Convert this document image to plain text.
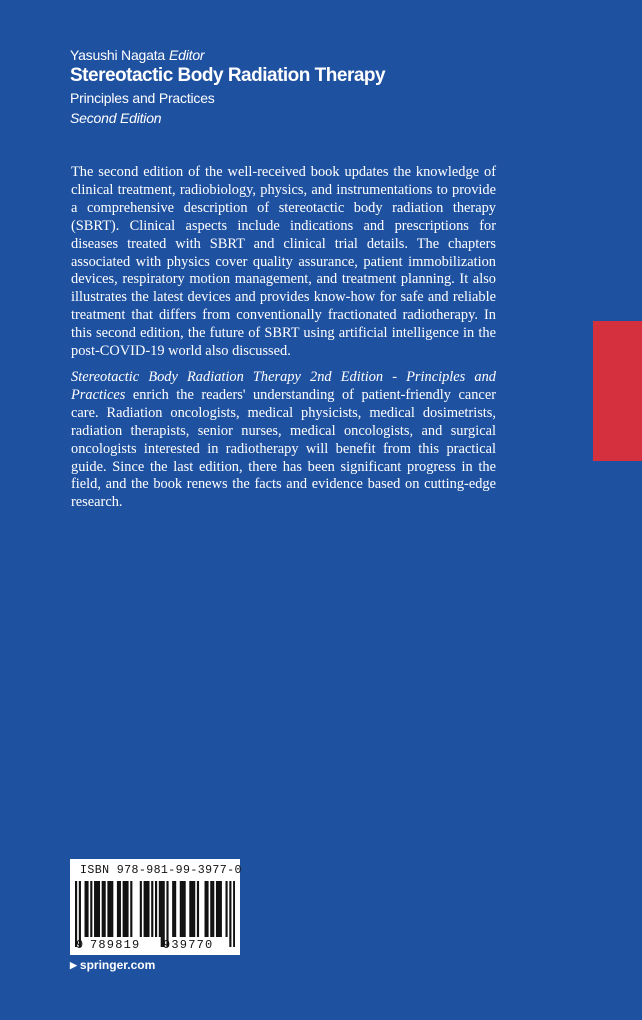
Yasushi Nagata Editor
Stereotactic Body Radiation Therapy
Principles and Practices
Second Edition

The second edition of the well-received book updates the knowledge of clinical treatment, radiobiology, physics, and instrumentations to provide a comprehensive description of stereotactic body radiation therapy (SBRT). Clinical aspects include indications and prescriptions for diseases treated with SBRT and clinical trial details. The chapters associated with physics cover quality assurance, patient immobilization devices, respiratory motion management, and treatment planning. It also illustrates the latest devices and provides know-how for safe and reliable treatment that differs from conventionally fractionated radiotherapy. In this second edition, the future of SBRT using artificial intelligence in the post-COVID-19 world also discussed.

Stereotactic Body Radiation Therapy 2nd Edition - Principles and Practices enrich the readers' understanding of patient-friendly cancer care. Radiation oncologists, medical physicists, medical dosimetrists, radiation therapists, senior nurses, medical oncologists, and surgical oncologists interested in radiotherapy will benefit from this practical guide. Since the last edition, there has been significant progress in the field, and the book renews the facts and evidence based on cutting-edge research.

ISBN 978-981-99-3977-0
9 789819 939770
▶ springer.com
